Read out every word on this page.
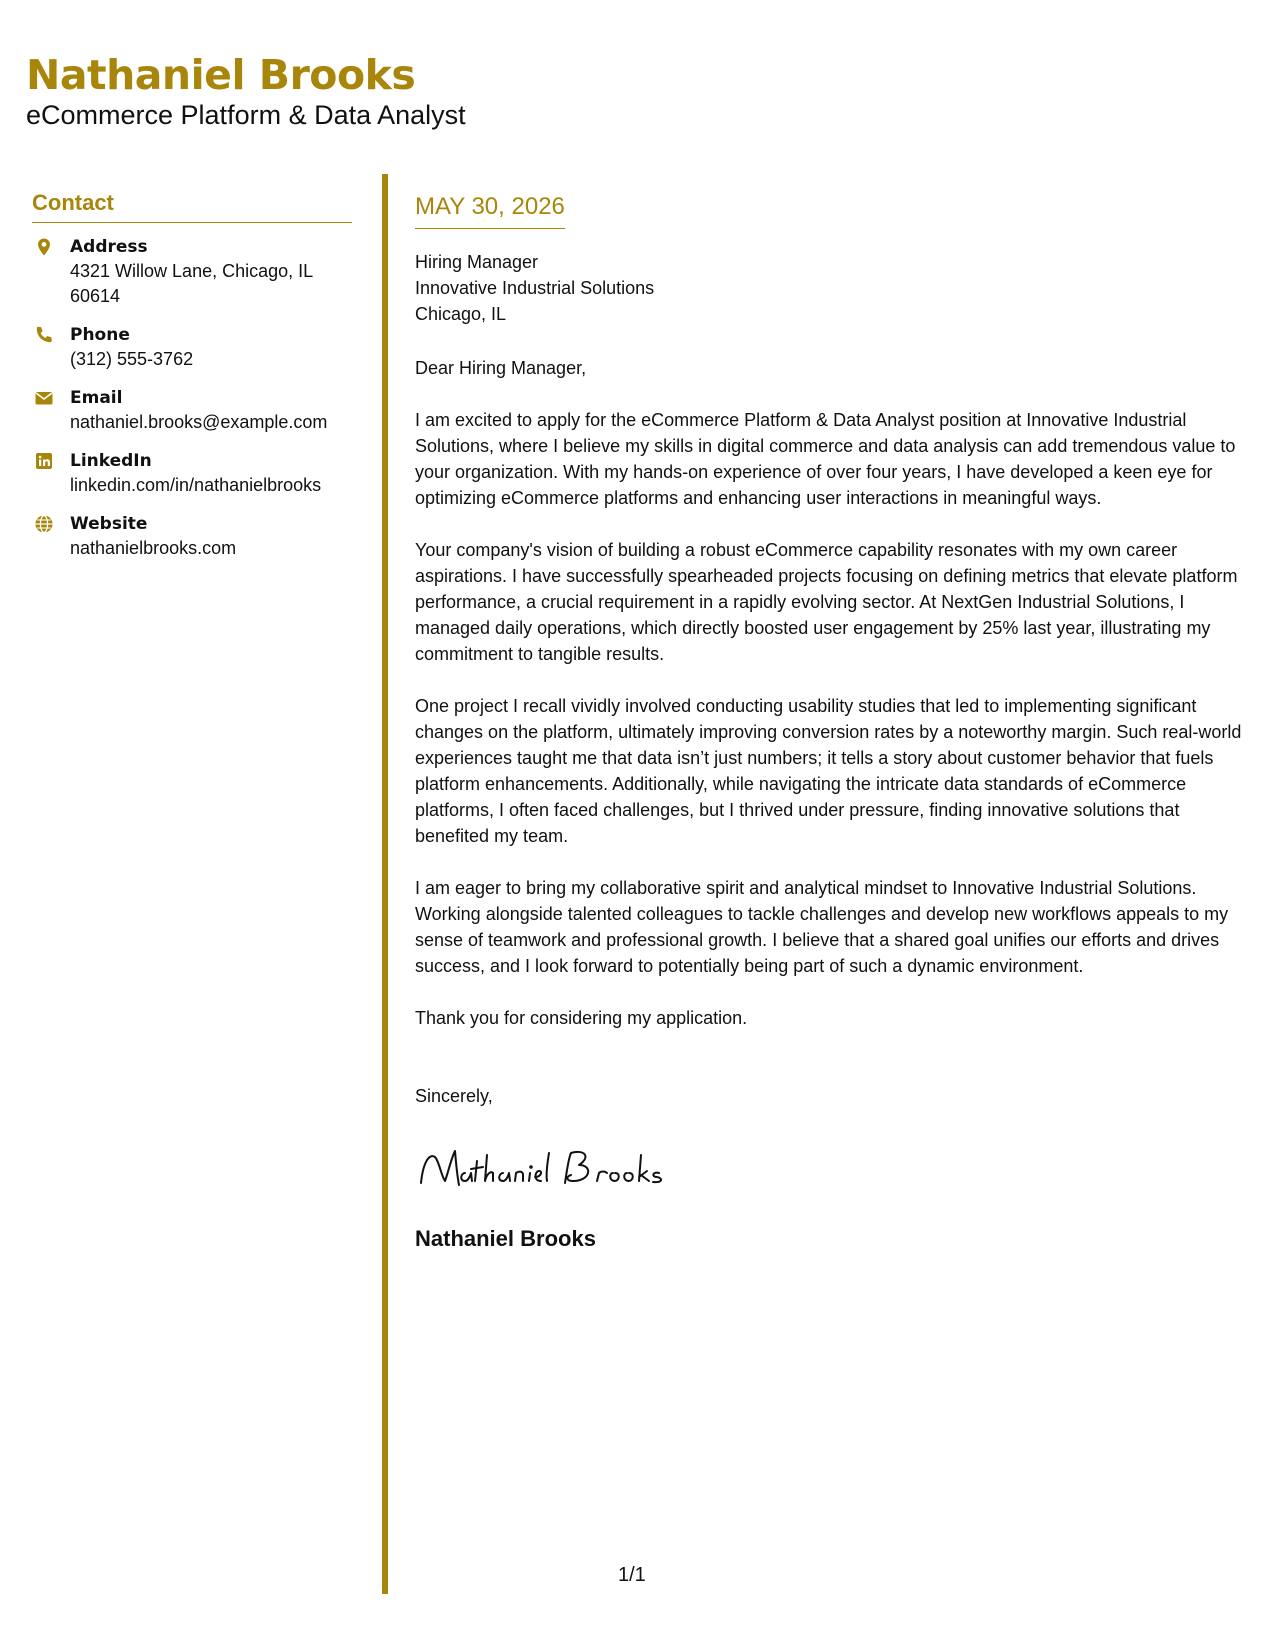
Nathaniel Brooks

eCommerce Platform & Data Analyst

Contact
Address
4321 Willow Lane, Chicago, IL 60614
Phone
(312) 555-3762
Email
nathaniel.brooks@example.com
LinkedIn
linkedin.com/in/nathanielbrooks
Website
nathanielbrooks.com
MAY 30, 2026

Hiring Manager

Innovative Industrial Solutions

Chicago, IL

Dear Hiring Manager,

I am excited to apply for the eCommerce Platform & Data Analyst position at Innovative Industrial Solutions, where I believe my skills in digital commerce and data analysis can add tremendous value to your organization. With my hands-on experience of over four years, I have developed a keen eye for optimizing eCommerce platforms and enhancing user interactions in meaningful ways.

Your company's vision of building a robust eCommerce capability resonates with my own career aspirations. I have successfully spearheaded projects focusing on defining metrics that elevate platform performance, a crucial requirement in a rapidly evolving sector. At NextGen Industrial Solutions, I managed daily operations, which directly boosted user engagement by 25% last year, illustrating my commitment to tangible results.

One project I recall vividly involved conducting usability studies that led to implementing significant changes on the platform, ultimately improving conversion rates by a noteworthy margin. Such real-world experiences taught me that data isn’t just numbers; it tells a story about customer behavior that fuels platform enhancements. Additionally, while navigating the intricate data standards of eCommerce platforms, I often faced challenges, but I thrived under pressure, finding innovative solutions that benefited my team.

I am eager to bring my collaborative spirit and analytical mindset to Innovative Industrial Solutions. Working alongside talented colleagues to tackle challenges and develop new workflows appeals to my sense of teamwork and professional growth. I believe that a shared goal unifies our efforts and drives success, and I look forward to potentially being part of such a dynamic environment.

Thank you for considering my application.

Sincerely,

Nathaniel Brooks
1/1
